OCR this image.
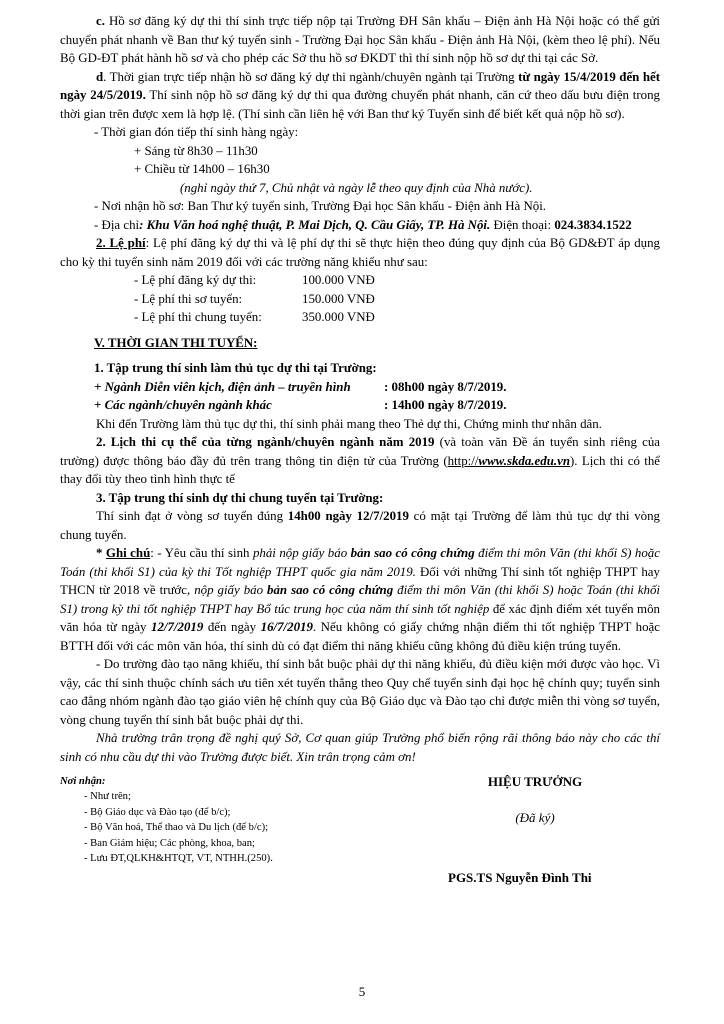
c. Hồ sơ đăng ký dự thi thí sinh trực tiếp nộp tại Trường ĐH Sân khấu – Điện ảnh Hà Nội hoặc có thể gửi chuyển phát nhanh về Ban thư ký tuyển sinh - Trường Đại học Sân khấu - Điện ảnh Hà Nội, (kèm theo lệ phí). Nếu Bộ GD-ĐT phát hành hồ sơ và cho phép các Sở thu hồ sơ ĐKDT thì thí sinh nộp hồ sơ dự thi tại các Sở.

d. Thời gian trực tiếp nhận hồ sơ đăng ký dự thi ngành/chuyên ngành tại Trường từ ngày 15/4/2019 đến hết ngày 24/5/2019. Thí sinh nộp hồ sơ đăng ký dự thi qua đường chuyển phát nhanh, căn cứ theo dấu bưu điện trong thời gian trên được xem là hợp lệ. (Thí sinh cần liên hệ với Ban thư ký Tuyển sinh để biết kết quả nộp hồ sơ).

- Thời gian đón tiếp thí sinh hàng ngày:

+ Sáng từ 8h30 – 11h30

+ Chiều từ 14h00 – 16h30

(nghỉ ngày thứ 7, Chủ nhật và ngày lễ theo quy định của Nhà nước).

- Nơi nhận hồ sơ: Ban Thư ký tuyển sinh, Trường Đại học Sân khấu - Điện ảnh Hà Nội.

- Địa chỉ: Khu Văn hoá nghệ thuật, P. Mai Dịch, Q. Cầu Giấy, TP. Hà Nội. Điện thoại: 024.3834.1522

2. Lệ phí: Lệ phí đăng ký dự thi và lệ phí dự thi sẽ thực hiện theo đúng quy định của Bộ GD&ĐT áp dụng cho kỳ thi tuyển sinh năm 2019 đối với các trường năng khiếu như sau:

- Lệ phí đăng ký dự thi:	100.000 VNĐ
- Lệ phí thi sơ tuyển:	150.000 VNĐ
- Lệ phí thi chung tuyển:	350.000 VNĐ

V. THỜI GIAN THI TUYỂN:

1. Tập trung thí sinh làm thủ tục dự thi tại Trường:

+ Ngành Diễn viên kịch, điện ảnh – truyền hình	: 08h00 ngày 8/7/2019.
+ Các ngành/chuyên ngành khác	: 14h00 ngày 8/7/2019.

Khi đến Trường làm thủ tục dự thi, thí sinh phải mang theo Thẻ dự thi, Chứng minh thư nhân dân.

2. Lịch thi cụ thể của từng ngành/chuyên ngành năm 2019 (và toàn văn Đề án tuyển sinh riêng của trường) được thông báo đầy đủ trên trang thông tin điện tử của Trường (http://www.skda.edu.vn). Lịch thi có thể thay đổi tùy theo tình hình thực tế

3. Tập trung thí sinh dự thi chung tuyển tại Trường:

Thí sinh đạt ở vòng sơ tuyển đúng 14h00 ngày 12/7/2019 có mặt tại Trường để làm thủ tục dự thi vòng chung tuyển.

* Ghi chú: - Yêu cầu thí sinh phải nộp giấy báo bản sao có công chứng điểm thi môn Văn (thi khối S) hoặc Toán (thi khối S1) của kỳ thi Tốt nghiệp THPT quốc gia năm 2019. Đối với những Thí sinh tốt nghiệp THPT hay THCN từ 2018 về trước, nộp giấy báo bản sao có công chứng điểm thi môn Văn (thi khối S) hoặc Toán (thi khối S1) trong kỳ thi tốt nghiệp THPT hay Bổ túc trung học của năm thí sinh tốt nghiệp để xác định điểm xét tuyển môn văn hóa từ ngày 12/7/2019 đến ngày 16/7/2019. Nếu không có giấy chứng nhận điểm thi tốt nghiệp THPT hoặc BTTH đối với các môn văn hóa, thí sinh dù có đạt điểm thi năng khiếu cũng không đủ điều kiện trúng tuyển.

- Do trường đào tạo năng khiếu, thí sinh bắt buộc phải dự thi năng khiếu, đủ điều kiện mới được vào học. Vì vậy, các thí sinh thuộc chính sách ưu tiên xét tuyển thẳng theo Quy chế tuyển sinh đại học hệ chính quy; tuyển sinh cao đẳng nhóm ngành đào tạo giáo viên hệ chính quy của Bộ Giáo dục và Đào tạo chỉ được miễn thi vòng sơ tuyển, vòng chung tuyển thí sinh bắt buộc phải dự thi.

Nhà trường trân trọng đề nghị quý Sở, Cơ quan giúp Trường phổ biến rộng rãi thông báo này cho các thí sinh có nhu cầu dự thi vào Trường được biết. Xin trân trọng cảm ơn!

Nơi nhận:
- Như trên;
- Bộ Giáo dục và Đào tạo (để b/c);
- Bộ Văn hoá, Thể thao và Du lịch (để b/c);
- Ban Giám hiệu; Các phòng, khoa, ban;
- Lưu ĐT,QLKH&HTQT, VT, NTHH.(250).
HIỆU TRƯỞNG
(Đã ký)
PGS.TS Nguyễn Đình Thi
5
